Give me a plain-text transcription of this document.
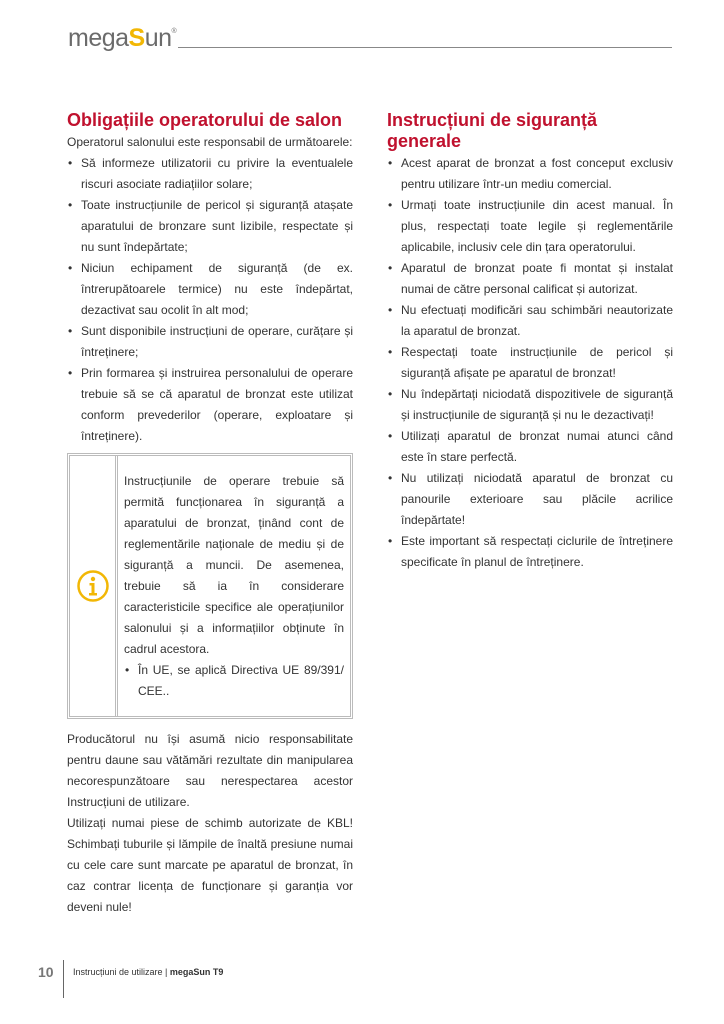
megaSun®
Obligațiile operatorului de salon

Operatorul salonului este responsabil de următoarele:

• Să informeze utilizatorii cu privire la eventualele riscuri asociate radiațiilor solare;
• Toate instrucțiunile de pericol și siguranță atașate aparatului de bronzare sunt lizibile, respectate și nu sunt îndepărtate;
• Niciun echipament de siguranță (de ex. întrerupătoarele termice) nu este îndepărtat, dezactivat sau ocolit în alt mod;
• Sunt disponibile instrucțiuni de operare, curățare și întreținere;
• Prin formarea și instruirea personalului de operare trebuie să se că aparatul de bronzat este utilizat conform prevederilor (operare, exploatare și întreținere).

Instrucțiunile de operare trebuie să permită funcționarea în siguranță a aparatului de bronzat, ținând cont de reglementările naționale de mediu și de siguranță a muncii. De asemenea, trebuie să ia în considerare caracteristicile specifice ale operațiunilor salonului și a informațiilor obținute în cadrul acestora.

• În UE, se aplică Directiva UE 89/391/ CEE..

Producătorul nu își asumă nicio responsabilitate pentru daune sau vătămări rezultate din manipularea necorespunzătoare sau nerespectarea acestor Instrucțiuni de utilizare.

Utilizați numai piese de schimb autorizate de KBL! Schimbați tuburile și lămpile de înaltă presiune numai cu cele care sunt marcate pe aparatul de bronzat, în caz contrar licența de funcționare și garanția vor deveni nule!

Instrucțiuni de siguranță generale
• Acest aparat de bronzat a fost conceput exclusiv pentru utilizare într-un mediu comercial.
• Urmați toate instrucțiunile din acest manual. În plus, respectați toate legile și reglementările aplicabile, inclusiv cele din țara operatorului.
• Aparatul de bronzat poate fi montat și instalat numai de către personal calificat și autorizat.
• Nu efectuați modificări sau schimbări neautorizate la aparatul de bronzat.
• Respectați toate instrucțiunile de pericol și siguranță afișate pe aparatul de bronzat!
• Nu îndepărtați niciodată dispozitivele de siguranță și instrucțiunile de siguranță și nu le dezactivați!
• Utilizați aparatul de bronzat numai atunci când este în stare perfectă.
• Nu utilizați niciodată aparatul de bronzat cu panourile exterioare sau plăcile acrilice îndepărtate!
• Este important să respectați ciclurile de întreținere specificate în planul de întreținere.
10 Instrucțiuni de utilizare | megaSun T9
